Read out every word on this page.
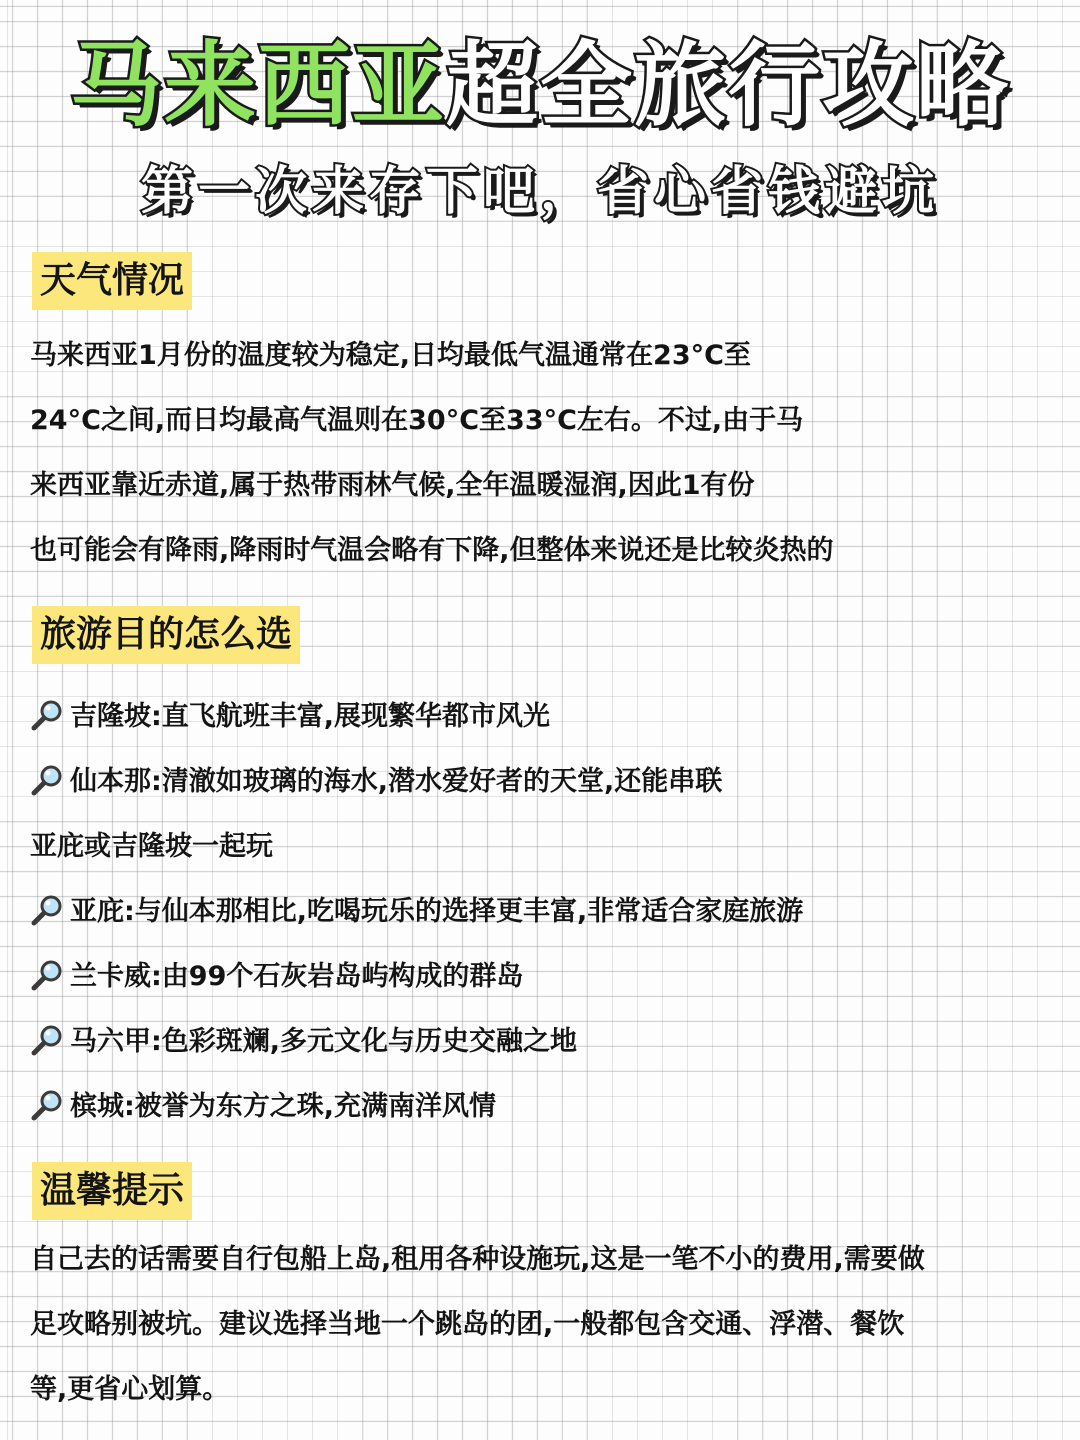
马来西亚超全旅行攻略
第一次来存下吧，省心省钱避坑
天气情况
马来西亚1月份的温度较为稳定,日均最低气温通常在23°C至
24°C之间,而日均最高气温则在30°C至33°C左右。不过,由于马
来西亚靠近赤道,属于热带雨林气候,全年温暖湿润,因此1有份
也可能会有降雨,降雨时气温会略有下降,但整体来说还是比较炎热的
旅游目的怎么选
吉隆坡:直飞航班丰富,展现繁华都市风光
仙本那:清澈如玻璃的海水,潜水爱好者的天堂,还能串联
亚庇或吉隆坡一起玩
亚庇:与仙本那相比,吃喝玩乐的选择更丰富,非常适合家庭旅游
兰卡威:由99个石灰岩岛屿构成的群岛
马六甲:色彩斑斓,多元文化与历史交融之地
槟城:被誉为东方之珠,充满南洋风情
温馨提示
自己去的话需要自行包船上岛,租用各种设施玩,这是一笔不小的费用,需要做
足攻略别被坑。建议选择当地一个跳岛的团,一般都包含交通、浮潜、餐饮
等,更省心划算。
